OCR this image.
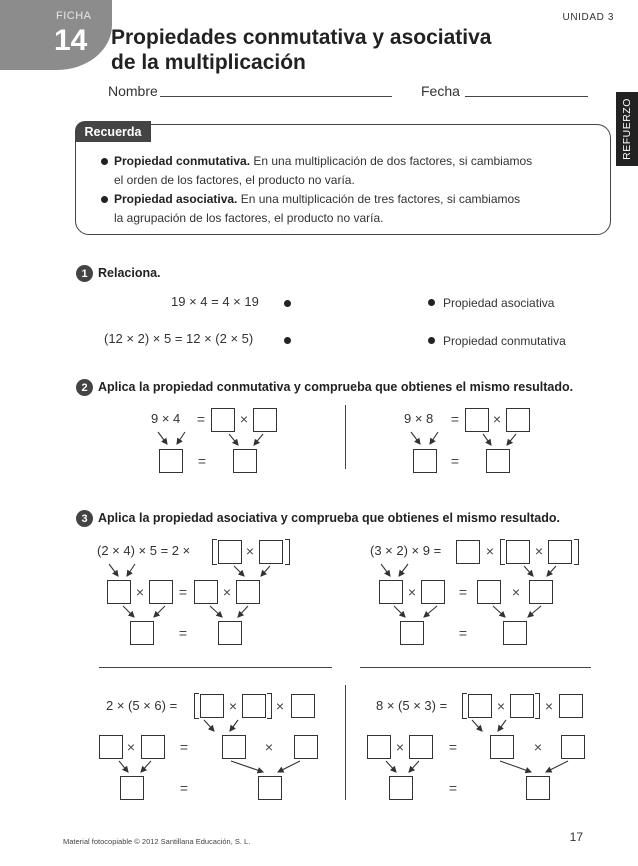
FICHA
14
UNIDAD 3
Propiedades conmutativa y asociativa
de la multiplicación
REFUERZO
Nombre	Fecha
Recuerda
Propiedad conmutativa. En una multiplicación de dos factores, si cambiamos
el orden de los factores, el producto no varía.
Propiedad asociativa. En una multiplicación de tres factores, si cambiamos
la agrupación de los factores, el producto no varía.
1 Relaciona.
19 × 4 = 4 × 19
(12 × 2) × 5 = 12 × (2 × 5)
Propiedad asociativa
Propiedad conmutativa
2 Aplica la propiedad conmutativa y comprueba que obtienes el mismo resultado.
9 × 4 = ×
=
9 × 8 = ×
=
3 Aplica la propiedad asociativa y comprueba que obtienes el mismo resultado.
(2 × 4) × 5 = 2 ×	×
× =	×
=
(3 × 2) × 9 =	×	×
×	=	×
=
2 × (5 × 6) =	×	×
×	=	×
=
8 × (5 × 3) =	×	×
×	=	×
=
Material fotocopiable © 2012 Santillana Educación, S. L.	17
